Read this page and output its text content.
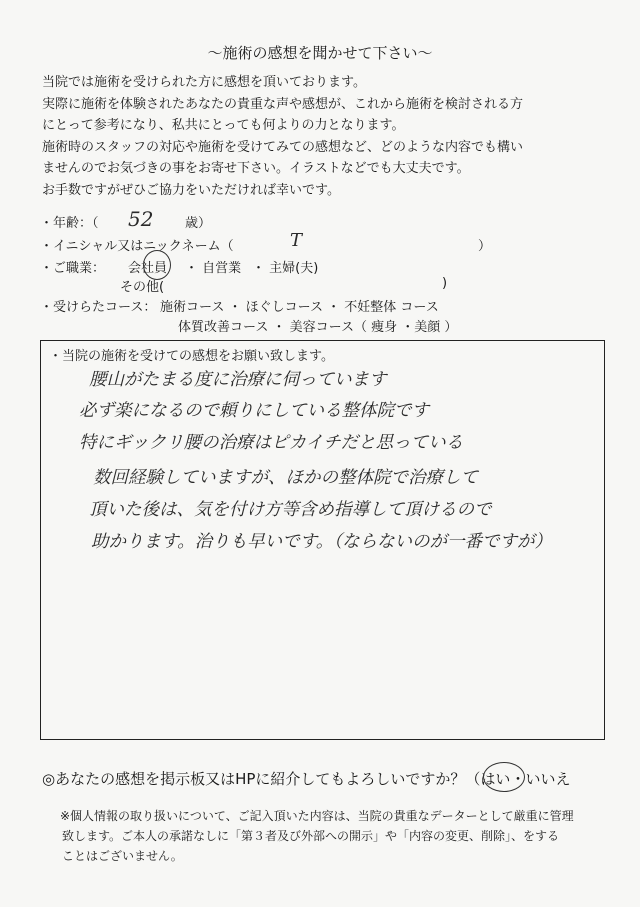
～施術の感想を聞かせて下さい～
当院では施術を受けられた方に感想を頂いております。
実際に施術を体験されたあなたの貴重な声や感想が、これから施術を検討される方
にとって参考になり、私共にとっても何よりの力となります。
施術時のスタッフの対応や施術を受けてみての感想など、どのような内容でも構い
ませんのでお気づきの事をお寄せ下さい。イラストなどでも大丈夫です。
お手数ですがぜひご協力をいただければ幸いです。
・年齢：（ 52 歳）
・イニシャル又はニックネーム（	T	）
・ご職業： 会社員 ・ 自営業 ・ 主婦(夫)
その他(	)
・受けらたコース： 施術コース ・ ほぐしコース ・ 不妊整体 コース
体質改善コース ・ 美容コース（ 痩身 ・美顔 ）
・当院の施術を受けての感想をお願い致します。
腰山がたまる度に治療に伺っています
必ず楽になるので頼りにしている整体院です
特にギックリ腰の治療はピカイチだと思っている
数回経験していますが、ほかの整体院で治療して
頂いた後は、気を付け方等含め指導して頂けるので
助かります。治りも早いです。（ならないのが一番ですが）
◎あなたの感想を掲示板又はHPに紹介してもよろしいですか？（はい・いいえ
※個人情報の取り扱いについて、ご記入頂いた内容は、当院の貴重なデーターとして厳重に管理
致します。ご本人の承諾なしに「第３者及び外部への開示」や「内容の変更、削除」、をする
ことはございません。
